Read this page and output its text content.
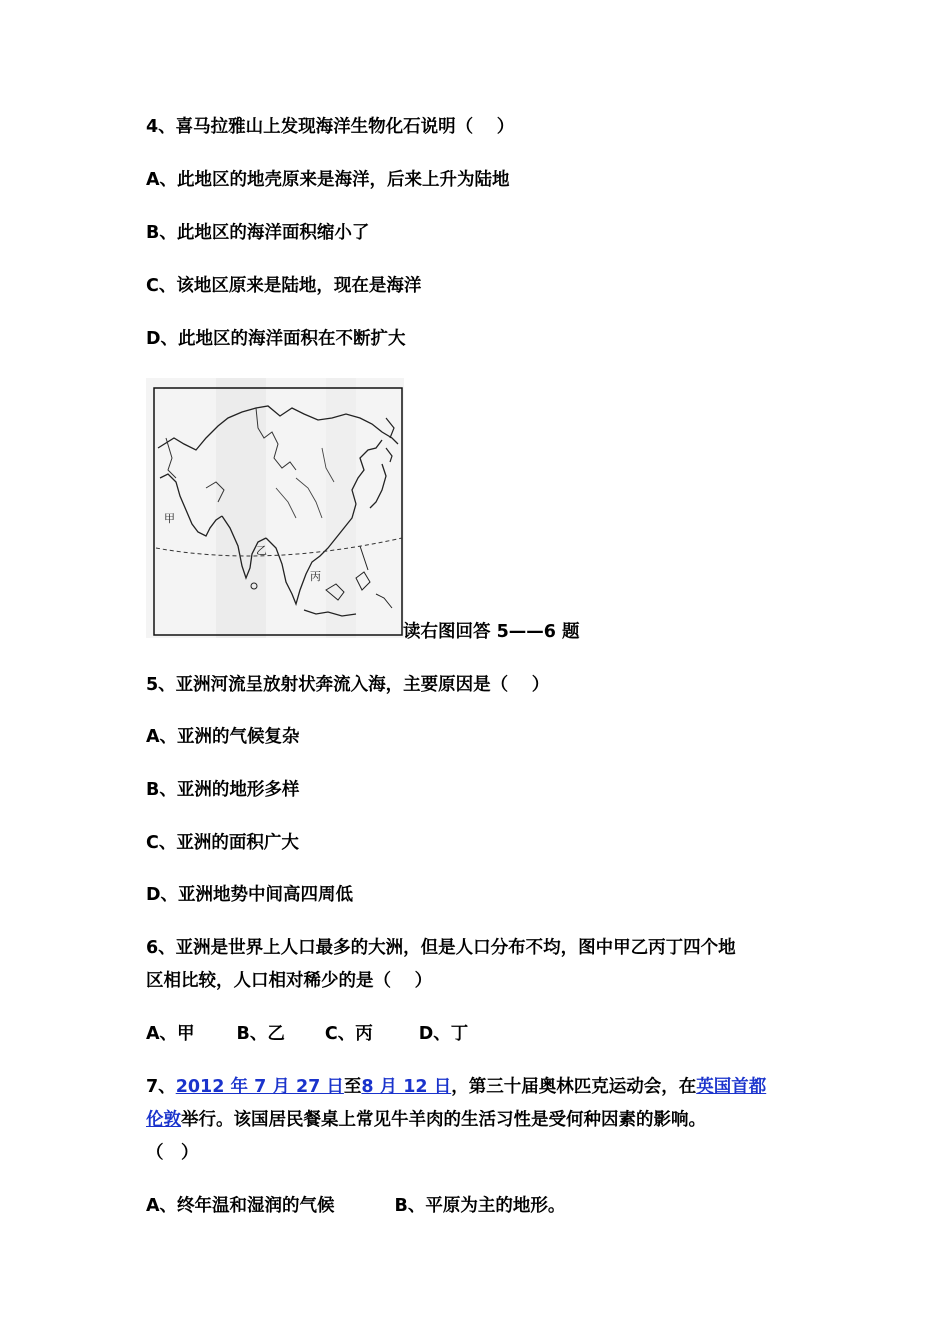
4、喜马拉雅山上发现海洋生物化石说明（　 ）
A、此地区的地壳原来是海洋，后来上升为陆地
B、此地区的海洋面积缩小了
C、该地区原来是陆地，现在是海洋
D、此地区的海洋面积在不断扩大
甲
乙
丙
读右图回答 5——6 题
5、亚洲河流呈放射状奔流入海，主要原因是（　 ）
A、亚洲的气候复杂
B、亚洲的地形多样
C、亚洲的面积广大
D、亚洲地势中间高四周低
6、亚洲是世界上人口最多的大洲，但是人口分布不均，图中甲乙丙丁四个地
区相比较，人口相对稀少的是（　 ）
A、甲 B、乙 C、丙	D、丁
7、2012 年 7 月 27 日至8 月 12 日，第三十届奥林匹克运动会，在英国首都
伦敦举行。该国居民餐桌上常见牛羊肉的生活习性是受何种因素的影响。
（　）
A、终年温和湿润的气候	B、平原为主的地形。
